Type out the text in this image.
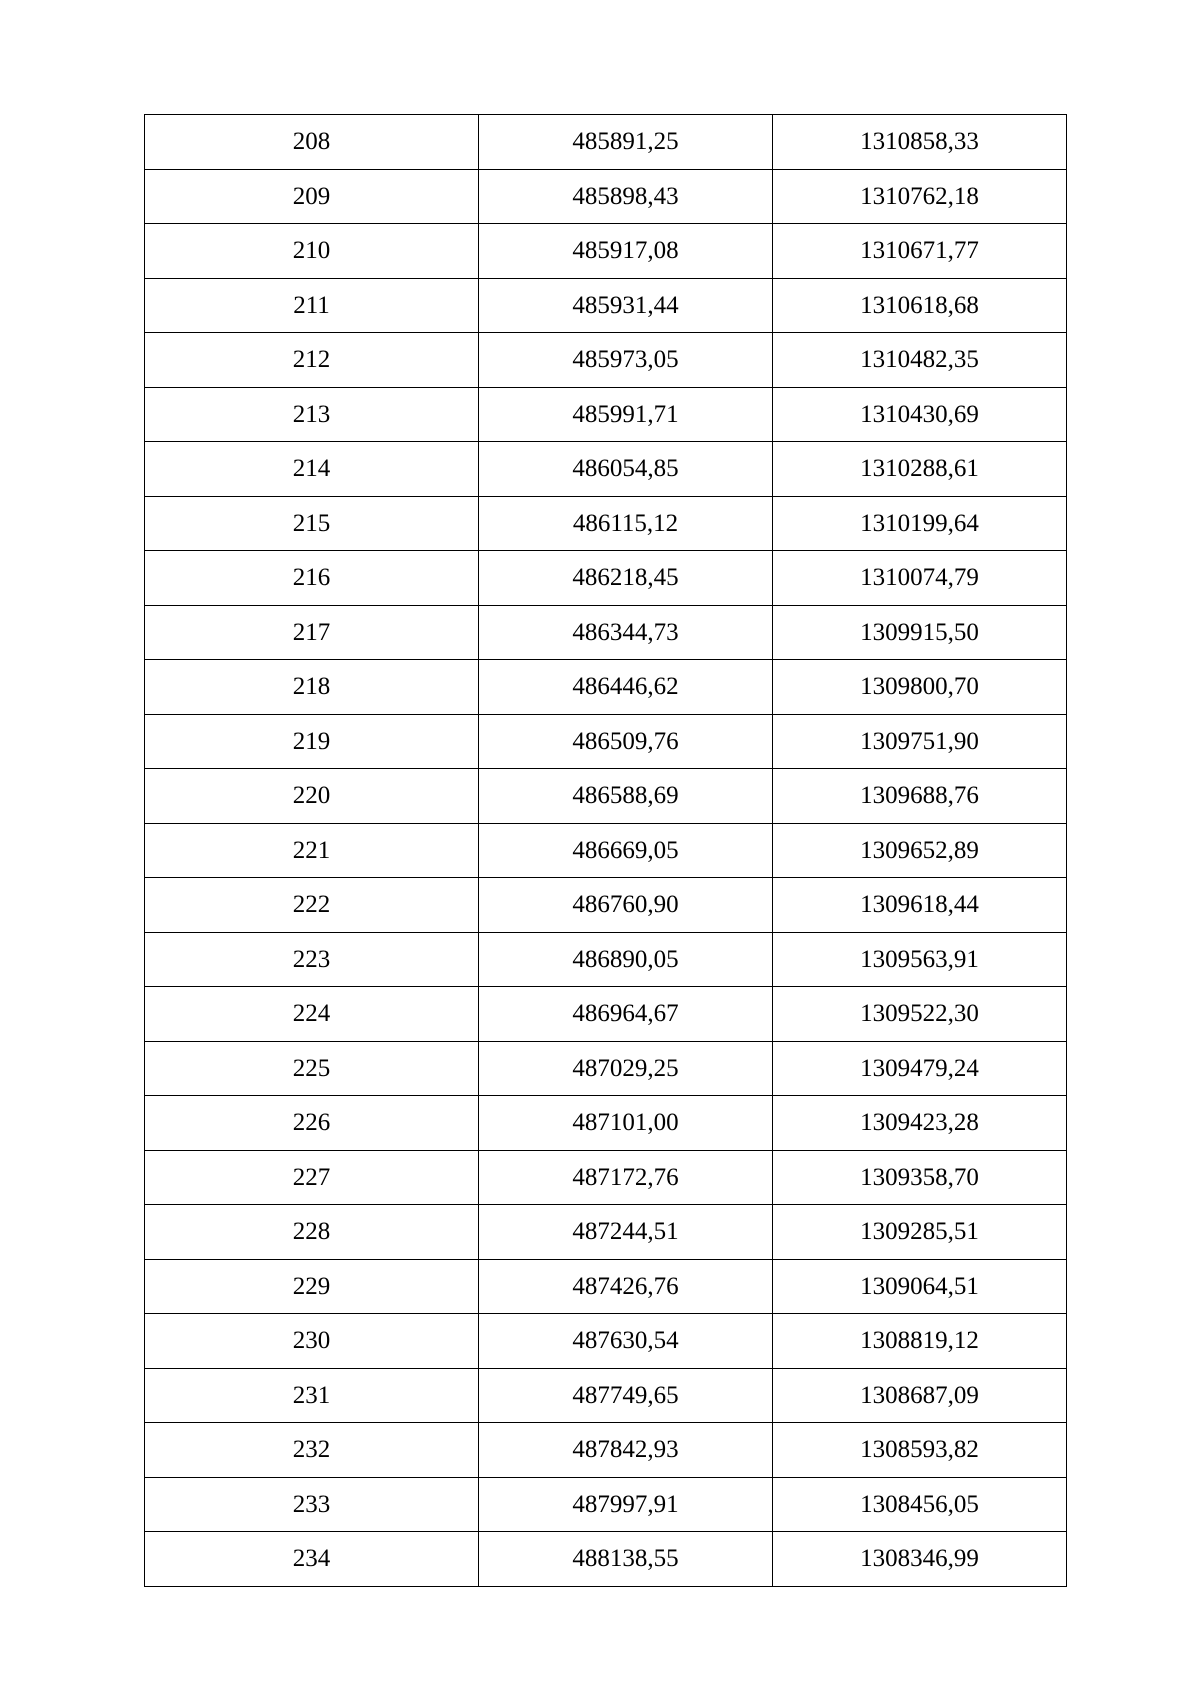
208	485891,25	1310858,33
209	485898,43	1310762,18
210	485917,08	1310671,77
211	485931,44	1310618,68
212	485973,05	1310482,35
213	485991,71	1310430,69
214	486054,85	1310288,61
215	486115,12	1310199,64
216	486218,45	1310074,79
217	486344,73	1309915,50
218	486446,62	1309800,70
219	486509,76	1309751,90
220	486588,69	1309688,76
221	486669,05	1309652,89
222	486760,90	1309618,44
223	486890,05	1309563,91
224	486964,67	1309522,30
225	487029,25	1309479,24
226	487101,00	1309423,28
227	487172,76	1309358,70
228	487244,51	1309285,51
229	487426,76	1309064,51
230	487630,54	1308819,12
231	487749,65	1308687,09
232	487842,93	1308593,82
233	487997,91	1308456,05
234	488138,55	1308346,99
